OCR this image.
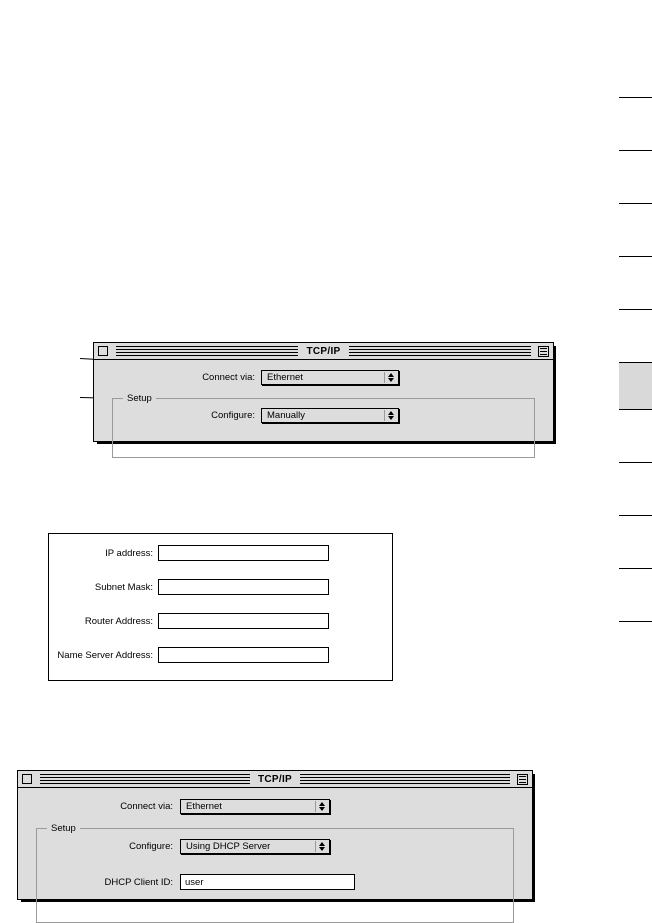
TCP/IP
Connect via: Ethernet
Setup
Configure: Manually
IP address:
Subnet Mask:
Router Address:
Name Server Address:
TCP/IP
Connect via: Ethernet
Setup
Configure: Using DHCP Server
DHCP Client ID: user
